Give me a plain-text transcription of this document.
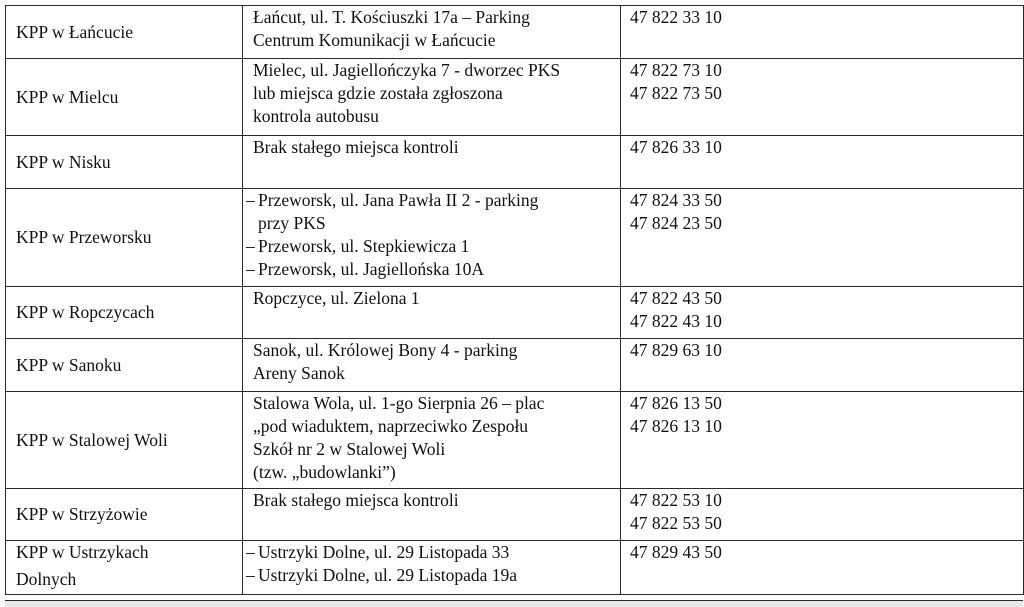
KPP w Łańcucie	Łańcut, ul. T. Kościuszki 17a – Parking
Centrum Komunikacji w Łańcucie	47 822 33 10

KPP w Mielcu	Mielec, ul. Jagiellończyka 7 - dworzec PKS
lub miejsca gdzie została zgłoszona
kontrola autobusu	47 822 73 10
47 822 73 50

KPP w Nisku	Brak stałego miejsca kontroli	47 826 33 10

KPP w Przeworsku	– Przeworsk, ul. Jana Pawła II 2 - parking
przy PKS
– Przeworsk, ul. Stepkiewicza 1
– Przeworsk, ul. Jagiellońska 10A	47 824 33 50
47 824 23 50

KPP w Ropczycach	Ropczyce, ul. Zielona 1	47 822 43 50
47 822 43 10

KPP w Sanoku	Sanok, ul. Królowej Bony 4 - parking
Areny Sanok	47 829 63 10

KPP w Stalowej Woli	Stalowa Wola, ul. 1-go Sierpnia 26 – plac
„pod wiaduktem, naprzeciwko Zespołu
Szkół nr 2 w Stalowej Woli
(tzw. „budowlanki”)	47 826 13 50
47 826 13 10

KPP w Strzyżowie	Brak stałego miejsca kontroli	47 822 53 10
47 822 53 50

KPP w Ustrzykach
Dolnych	– Ustrzyki Dolne, ul. 29 Listopada 33
– Ustrzyki Dolne, ul. 29 Listopada 19a	47 829 43 50
